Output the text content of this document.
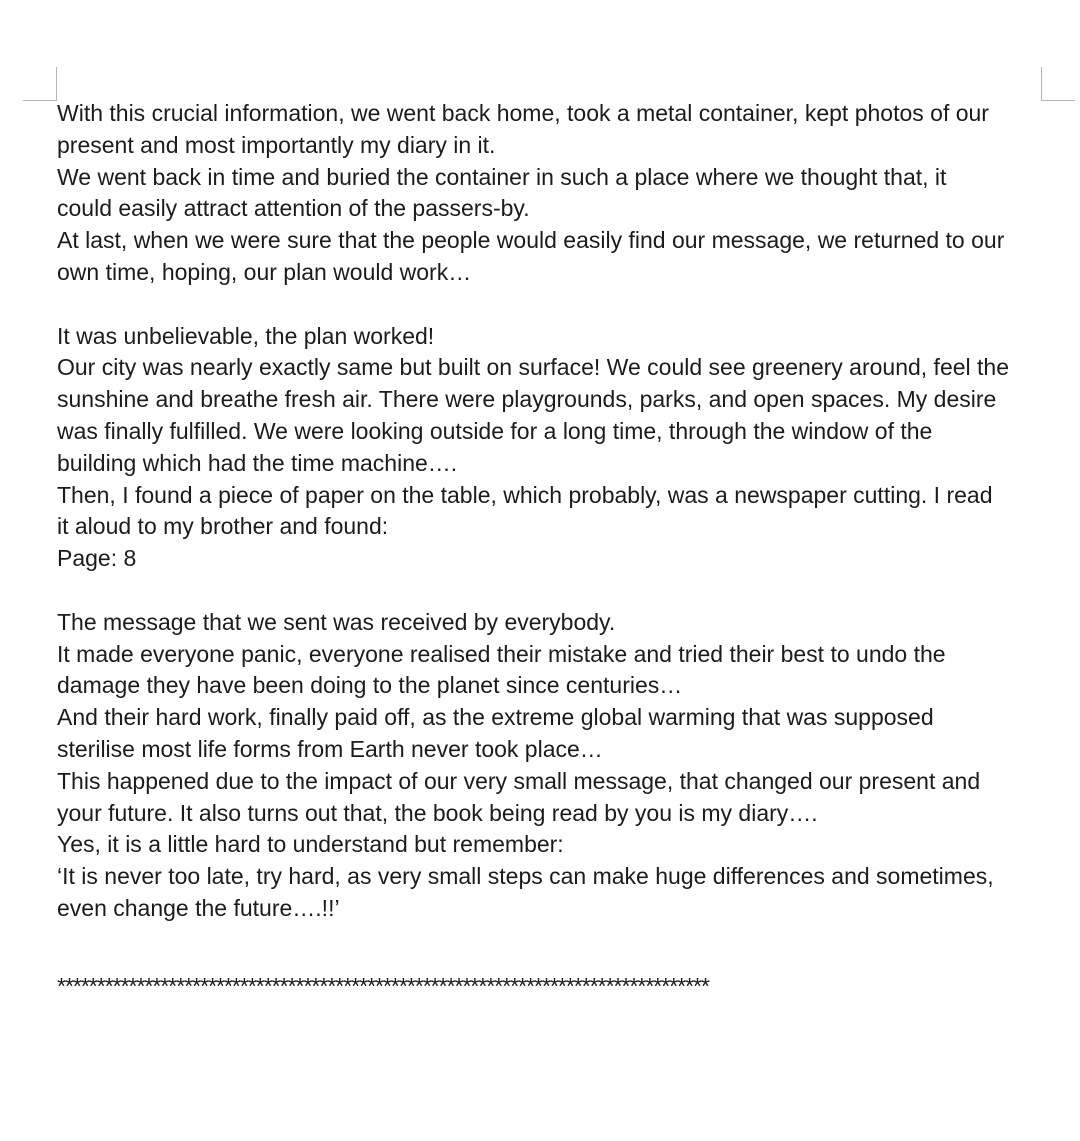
With this crucial information, we went back home, took a metal container, kept photos of our
present and most importantly my diary in it.

We went back in time and buried the container in such a place where we thought that, it
could easily attract attention of the passers-by.

At last, when we were sure that the people would easily find our message, we returned to our
own time, hoping, our plan would work…

It was unbelievable, the plan worked!

Our city was nearly exactly same but built on surface! We could see greenery around, feel the
sunshine and breathe fresh air. There were playgrounds, parks, and open spaces. My desire
was finally fulfilled. We were looking outside for a long time, through the window of the
building which had the time machine….

Then, I found a piece of paper on the table, which probably, was a newspaper cutting. I read
it aloud to my brother and found:

Page: 8

The message that we sent was received by everybody.

It made everyone panic, everyone realised their mistake and tried their best to undo the
damage they have been doing to the planet since centuries…

And their hard work, finally paid off, as the extreme global warming that was supposed
sterilise most life forms from Earth never took place…

This happened due to the impact of our very small message, that changed our present and
your future. It also turns out that, the book being read by you is my diary….

Yes, it is a little hard to understand but remember:

‘It is never too late, try hard, as very small steps can make huge differences and sometimes,
even change the future….!!’

**********************************************************************************
